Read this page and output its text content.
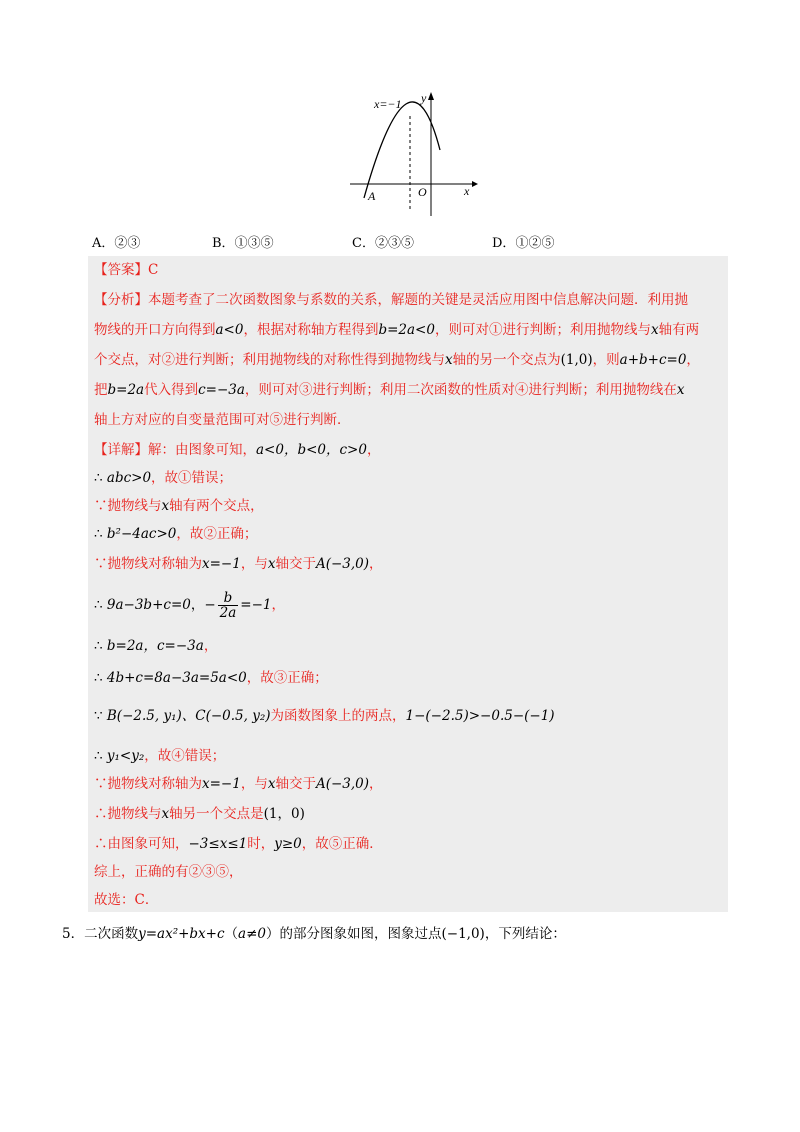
x=−1 y
x
A	O
A．②③	B．①③⑤	C．②③⑤	D．①②⑤
【答案】C
【分析】本题考查了二次函数图象与系数的关系，解题的关键是灵活应用图中信息解决问题．利用抛
物线的开口方向得到a<0，根据对称轴方程得到b=2a<0，则可对①进行判断；利用抛物线与x轴有两
个交点，对②进行判断；利用抛物线的对称性得到抛物线与x轴的另一个交点为(1,0)，则a+b+c=0，
把b=2a代入得到c=−3a，则可对③进行判断；利用二次函数的性质对④进行判断；利用抛物线在x
轴上方对应的自变量范围可对⑤进行判断．
【详解】解：由图象可知，a<0，b<0，c>0，
∴ abc>0，故①错误；
∵抛物线与x轴有两个交点，
∴ b²−4ac>0，故②正确；
∵抛物线对称轴为x=−1，与x轴交于A(−3,0)，
∴ 9a−3b+c=0，− $\frac{b}{2a} =-1$，
∴ b=2a，c=−3a，
∴ 4b+c=8a−3a=5a<0，故③正确；
∵ B(−2.5, y₁)、C(−0.5, y₂)为函数图象上的两点，1−(−2.5)>−0.5−(−1)
∴ y₁<y₂，故④错误；
∵抛物线对称轴为x=−1，与x轴交于A(−3,0)，
∴抛物线与x轴另一个交点是(1，0)
∴由图象可知，−3≤x≤1时，y≥0，故⑤正确．
综上，正确的有②③⑤，
故选：C．
5．二次函数y=ax²+bx+c（a≠0）的部分图象如图，图象过点(−1,0)，下列结论：
